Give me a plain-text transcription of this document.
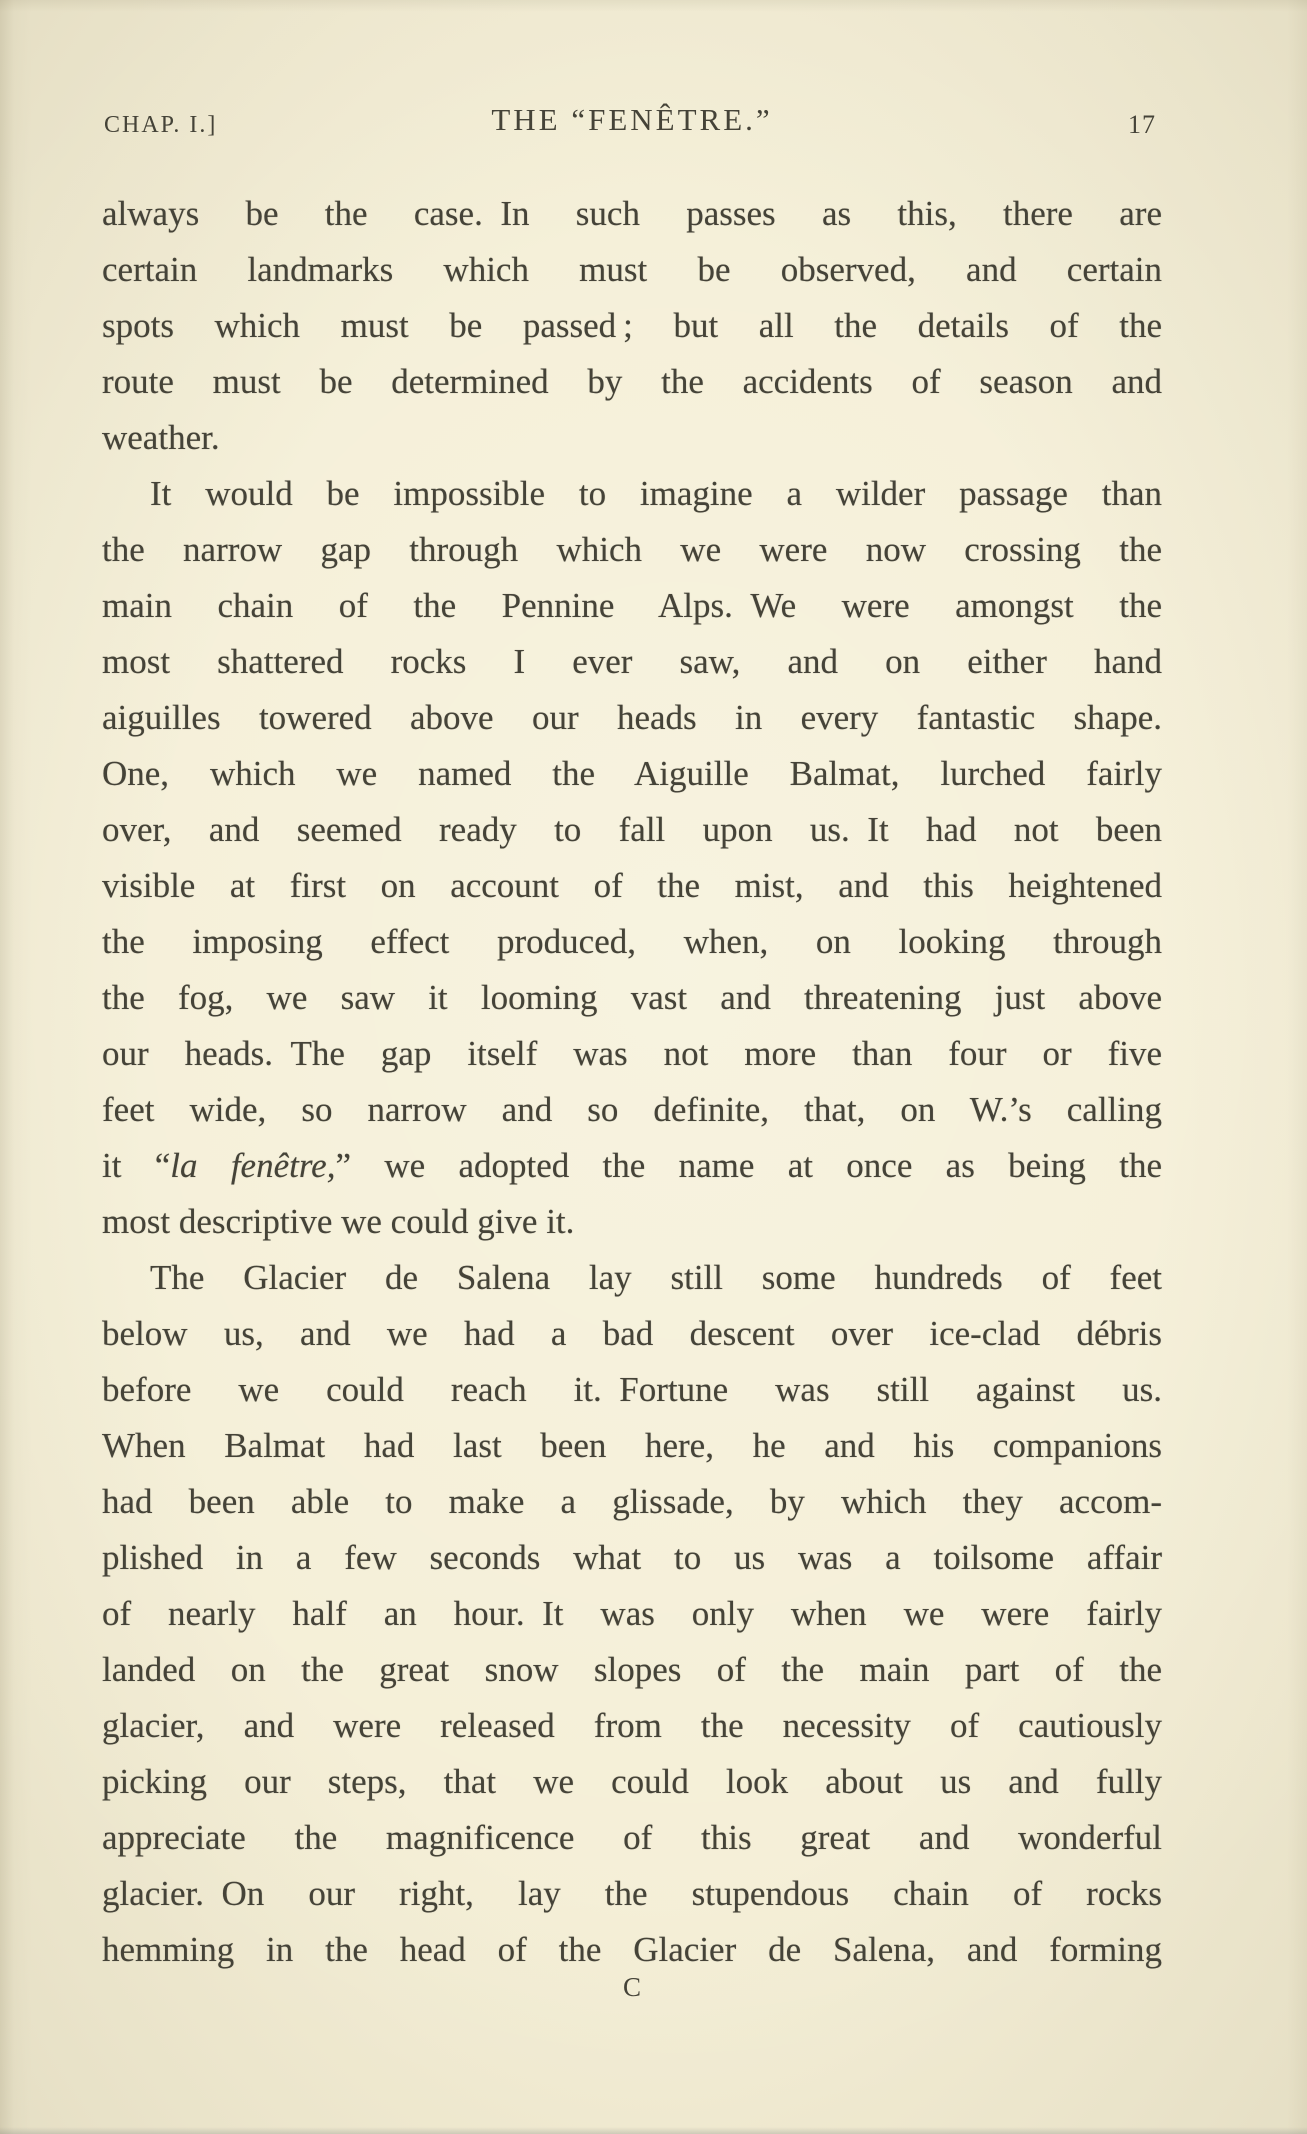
CHAP. I.]	THE “FENÊTRE.”	17
always be the case. In such passes as this, there are
certain landmarks which must be observed, and certain
spots which must be passed ; but all the details of the
route must be determined by the accidents of season and
weather.
It would be impossible to imagine a wilder passage than
the narrow gap through which we were now crossing the
main chain of the Pennine Alps. We were amongst the
most shattered rocks I ever saw, and on either hand
aiguilles towered above our heads in every fantastic shape.
One, which we named the Aiguille Balmat, lurched fairly
over, and seemed ready to fall upon us. It had not been
visible at first on account of the mist, and this heightened
the imposing effect produced, when, on looking through
the fog, we saw it looming vast and threatening just above
our heads. The gap itself was not more than four or five
feet wide, so narrow and so definite, that, on W.’s calling
it “la fenêtre,” we adopted the name at once as being the
most descriptive we could give it.
The Glacier de Salena lay still some hundreds of feet
below us, and we had a bad descent over ice-clad débris
before we could reach it. Fortune was still against us.
When Balmat had last been here, he and his companions
had been able to make a glissade, by which they accom-
plished in a few seconds what to us was a toilsome affair
of nearly half an hour. It was only when we were fairly
landed on the great snow slopes of the main part of the
glacier, and were released from the necessity of cautiously
picking our steps, that we could look about us and fully
appreciate the magnificence of this great and wonderful
glacier. On our right, lay the stupendous chain of rocks
hemming in the head of the Glacier de Salena, and forming
C
